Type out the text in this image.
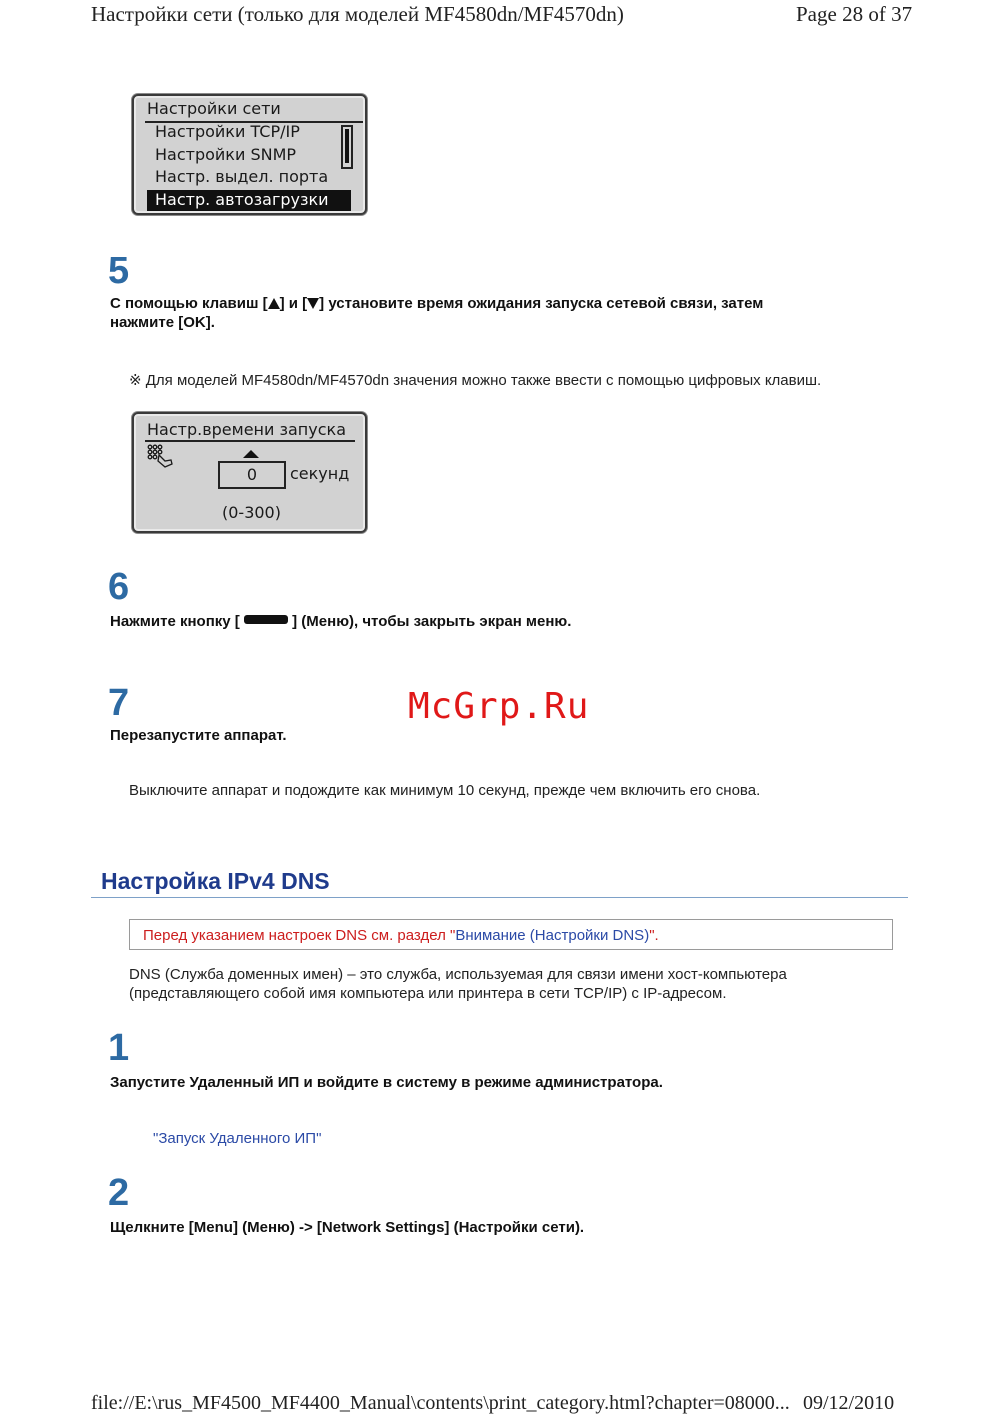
Настройки сети (только для моделей MF4580dn/MF4570dn)	Page 28 of 37
Настройки сети
Настройки TCP/IP
Настройки SNMP
Настр. выдел. порта
Настр. автозагрузки
5
С помощью клавиш [ ] и [ ] установите время ожидания запуска сетевой связи, затем
нажмите [OK].
※ Для моделей MF4580dn/MF4570dn значения можно также ввести с помощью цифровых клавиш.
Настр.времени запуска
0	секунд
(0-300)
6
Нажмите кнопку [	] (Меню), чтобы закрыть экран меню.
McGrp.Ru
7
Перезапустите аппарат.
Выключите аппарат и подождите как минимум 10 секунд, прежде чем включить его снова.
Настройка IPv4 DNS
Перед указанием настроек DNS см. раздел "Внимание (Настройки DNS)".
DNS (Служба доменных имен) – это служба, используемая для связи имени хост-компьютера
(представляющего собой имя компьютера или принтера в сети TCP/IP) с IP-адресом.
1
Запустите Удаленный ИП и войдите в систему в режиме администратора.
"Запуск Удаленного ИП"
2
Щелкните [Menu] (Меню) -> [Network Settings] (Настройки сети).
file://E:\rus_MF4500_MF4400_Manual\contents\print_category.html?chapter=08000... 09/12/2010
